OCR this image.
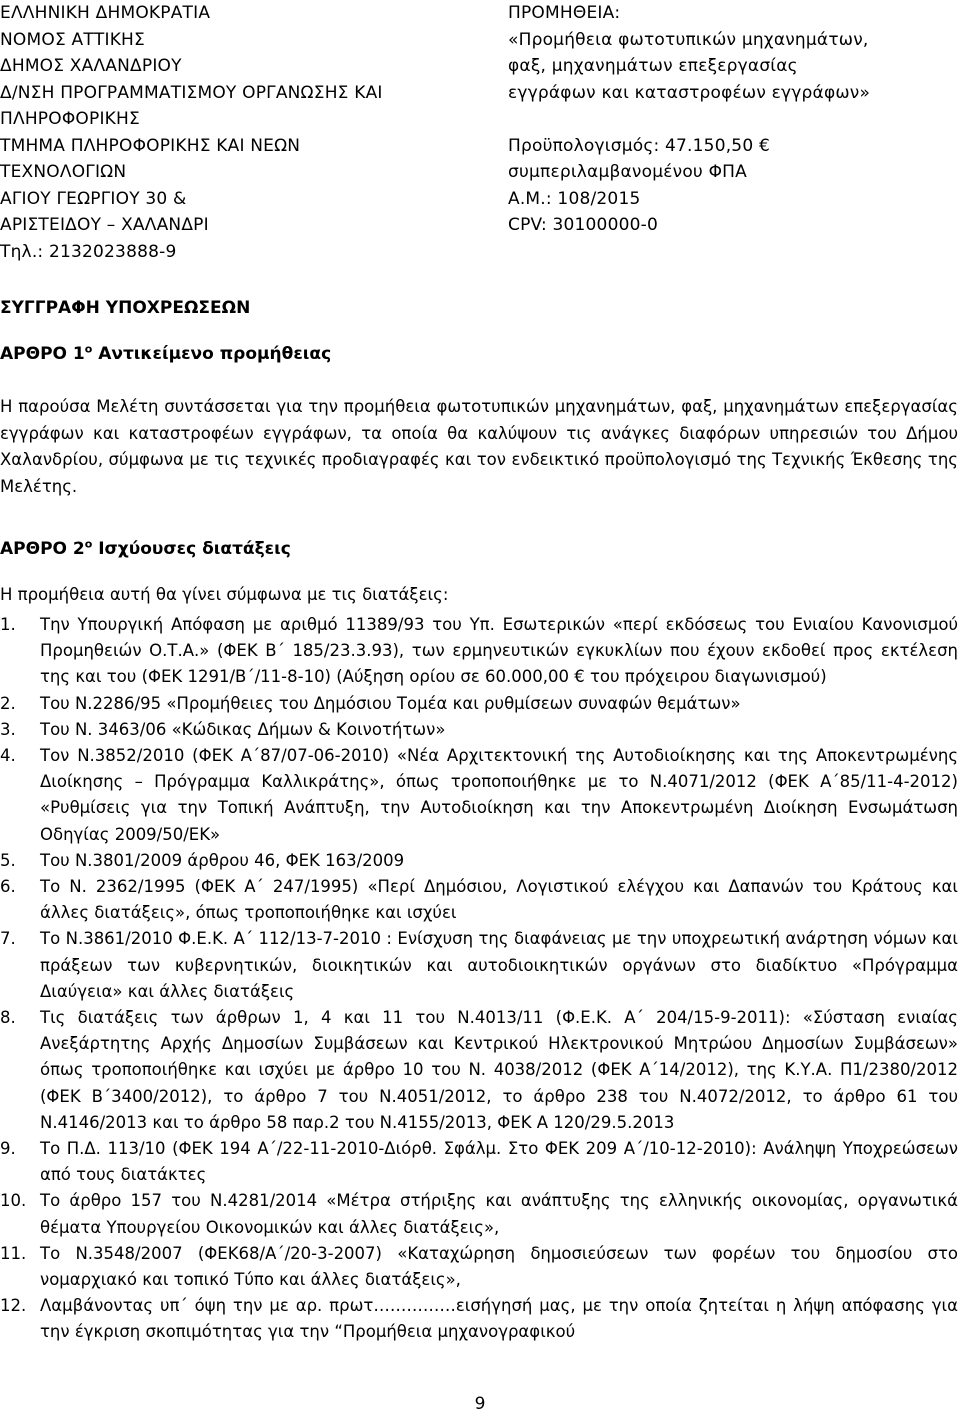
ΕΛΛΗΝΙΚΗ ΔΗΜΟΚΡΑΤΙΑ
ΝΟΜΟΣ ΑΤΤΙΚΗΣ
ΔΗΜΟΣ ΧΑΛΑΝΔΡΙΟΥ
Δ/ΝΣΗ ΠΡΟΓΡΑΜΜΑΤΙΣΜΟΥ ΟΡΓΑΝΩΣΗΣ ΚΑΙ
ΠΛΗΡΟΦΟΡΙΚΗΣ
ΤΜΗΜΑ ΠΛΗΡΟΦΟΡΙΚΗΣ ΚΑΙ ΝΕΩΝ
ΤΕΧΝΟΛΟΓΙΩΝ
ΑΓΙΟΥ ΓΕΩΡΓΙΟΥ 30 &
ΑΡΙΣΤΕΙΔΟΥ – ΧΑΛΑΝΔΡΙ
Τηλ.: 2132023888-9
ΠΡΟΜΗΘΕΙΑ:
«Προμήθεια φωτοτυπικών μηχανημάτων,
φαξ, μηχανημάτων επεξεργασίας
εγγράφων και καταστροφέων εγγράφων»
Προϋπολογισμός: 47.150,50 €
συμπεριλαμβανομένου ΦΠΑ
Α.Μ.: 108/2015
CPV: 30100000-0
ΣΥΓΓΡΑΦΗ ΥΠΟΧΡΕΩΣΕΩΝ
ΑΡΘΡΟ $1^o$ Αντικείμενο προμήθειας
Η παρούσα Μελέτη συντάσσεται για την προμήθεια φωτοτυπικών μηχανημάτων, φαξ, μηχανημάτων επεξεργασίας εγγράφων και καταστροφέων εγγράφων, τα οποία θα καλύψουν τις ανάγκες διαφόρων υπηρεσιών του Δήμου Χαλανδρίου, σύμφωνα με τις τεχνικές προδιαγραφές και τον ενδεικτικό προϋπολογισμό της Τεχνικής Έκθεσης της Μελέτης.
ΑΡΘΡΟ $2^o$ Ισχύουσες διατάξεις
Η προμήθεια αυτή θα γίνει σύμφωνα με τις διατάξεις:
1. Την Υπουργική Απόφαση με αριθμό 11389/93 του Υπ. Εσωτερικών «περί εκδόσεως του Ενιαίου Κανονισμού Προμηθειών Ο.Τ.Α.» (ΦΕΚ Β΄ 185/23.3.93), των ερμηνευτικών εγκυκλίων που έχουν εκδοθεί προς εκτέλεση της και του (ΦΕΚ 1291/Β΄/11-8-10) (Αύξηση ορίου σε 60.000,00 € του πρόχειρου διαγωνισμού)
2. Του Ν.2286/95 «Προμήθειες του Δημόσιου Τομέα και ρυθμίσεων συναφών θεμάτων»
3. Του Ν. 3463/06 «Κώδικας Δήμων & Κοινοτήτων»
4. Τον Ν.3852/2010 (ΦΕΚ Α΄87/07-06-2010) «Νέα Αρχιτεκτονική της Αυτοδιοίκησης και της Αποκεντρωμένης Διοίκησης – Πρόγραμμα Καλλικράτης», όπως τροποποιήθηκε με το Ν.4071/2012 (ΦΕΚ Α΄85/11-4-2012) «Ρυθμίσεις για την Τοπική Ανάπτυξη, την Αυτοδιοίκηση και την Αποκεντρωμένη Διοίκηση Ενσωμάτωση Οδηγίας 2009/50/ΕΚ»
5. Του Ν.3801/2009 άρθρου 46, ΦΕΚ 163/2009
6. Το Ν. 2362/1995 (ΦΕΚ Α΄ 247/1995) «Περί Δημόσιου, Λογιστικού ελέγχου και Δαπανών του Κράτους και άλλες διατάξεις», όπως τροποποιήθηκε και ισχύει
7. Το Ν.3861/2010 Φ.Ε.Κ. Α΄ 112/13-7-2010 : Ενίσχυση της διαφάνειας με την υποχρεωτική ανάρτηση νόμων και πράξεων των κυβερνητικών, διοικητικών και αυτοδιοικητικών οργάνων στο διαδίκτυο «Πρόγραμμα Διαύγεια» και άλλες διατάξεις
8. Τις διατάξεις των άρθρων 1, 4 και 11 του Ν.4013/11 (Φ.Ε.Κ. Α΄ 204/15-9-2011): «Σύσταση ενιαίας Ανεξάρτητης Αρχής Δημοσίων Συμβάσεων και Κεντρικού Ηλεκτρονικού Μητρώου Δημοσίων Συμβάσεων» όπως τροποποιήθηκε και ισχύει με άρθρο 10 του Ν. 4038/2012 (ΦΕΚ Α΄14/2012), της Κ.Υ.Α. Π1/2380/2012 (ΦΕΚ Β΄3400/2012), το άρθρο 7 του Ν.4051/2012, το άρθρο 238 του Ν.4072/2012, το άρθρο 61 του Ν.4146/2013 και το άρθρο 58 παρ.2 του Ν.4155/2013, ΦΕΚ Α 120/29.5.2013
9. Το Π.Δ. 113/10 (ΦΕΚ 194 Α΄/22-11-2010-Διόρθ. Σφάλμ. Στο ΦΕΚ 209 Α΄/10-12-2010): Ανάληψη Υποχρεώσεων από τους διατάκτες
10. Το άρθρο 157 του Ν.4281/2014 «Μέτρα στήριξης και ανάπτυξης της ελληνικής οικονομίας, οργανωτικά θέματα Υπουργείου Οικονομικών και άλλες διατάξεις»,
11. Το Ν.3548/2007 (ΦΕΚ68/Α΄/20-3-2007) «Καταχώρηση δημοσιεύσεων των φορέων του δημοσίου στο νομαρχιακό και τοπικό Τύπο και άλλες διατάξεις»,
12. Λαμβάνοντας υπ΄ όψη την με αρ. πρωτ……………εισήγησή μας, με την οποία ζητείται η λήψη απόφασης για την έγκριση σκοπιμότητας για την “Προμήθεια μηχανογραφικού
9
